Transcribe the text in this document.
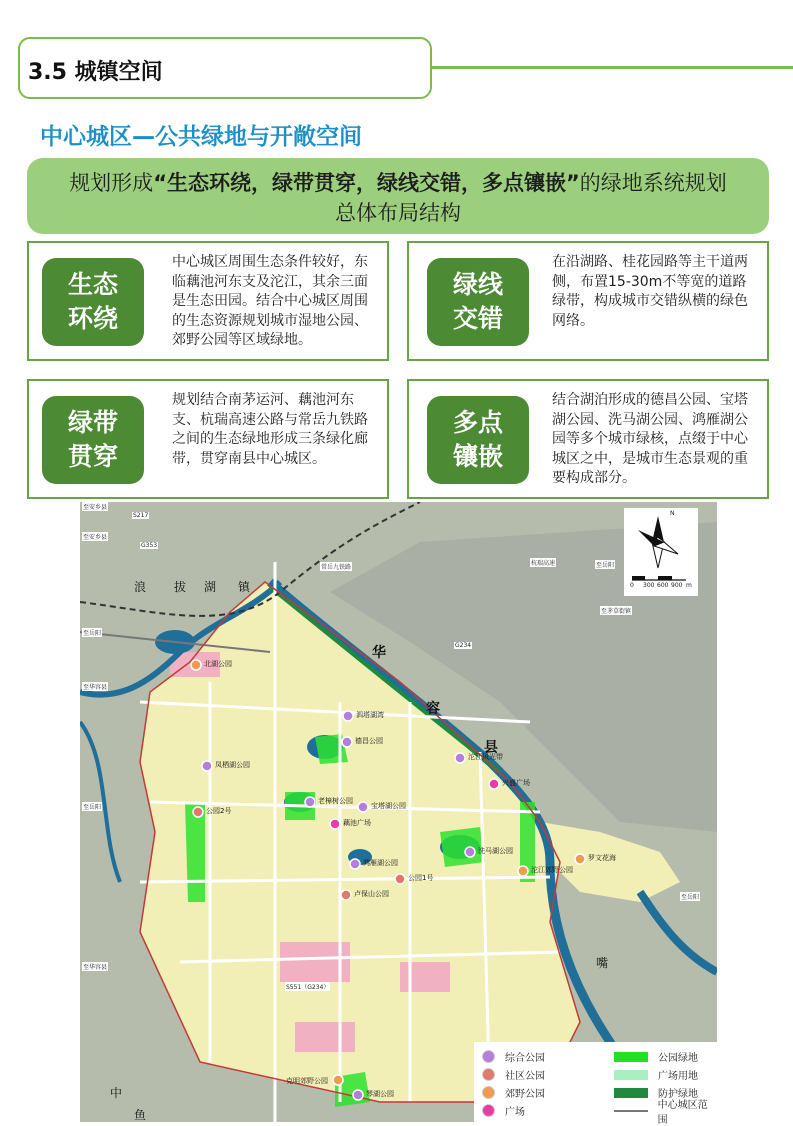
3.5 城镇空间
中心城区—公共绿地与开敞空间
规划形成“生态环绕，绿带贯穿，绿线交错，多点镶嵌”的绿地系统规划总体布局结构
生态
环绕
中心城区周围生态条件较好，东临藕池河东支及沱江，其余三面是生态田园。结合中心城区周围的生态资源规划城市湿地公园、郊野公园等区域绿地。
绿线
交错
在沿湖路、桂花园路等主干道两侧，布置15-30m不等宽的道路绿带，构成城市交错纵横的绿色网络。
绿带
贯穿
规划结合南茅运河、藕池河东支、杭瑞高速公路与常岳九铁路之间的生态绿地形成三条绿化廊带，贯穿南县中心城区。
多点
镶嵌
结合湖泊形成的德昌公园、宝塔湖公园、洗马湖公园、鸿雁湖公园等多个城市绿核，点缀于中心城区之中，是城市生态景观的重要构成部分。
北湖公园
泗塔湖湾
德昌公园
凤栖湖公园
公园2号
老樟树公园
宝塔湖公园
藕池广场
鸿雁湖公园
洗马湖公园
沱江风光带
兴盛广场
沱江郊野公园
罗文花海
公园1号
卢保山公园
克明郊野公园
琴湖公园
浪 拔 湖 镇
华
容
县
中
鱼
嘴
至安乡县
S217
至安乡县
G353
至岳阳
杭瑞高速
至岳阳
至华容县
G234
常岳九铁路
至茅草街镇
至岳阳
至华容县
至岳阳
S551（G234）
N
0 300 600 900 m
综合公园
社区公园
郊野公园
广场
公园绿地
广场用地
防护绿地
中心城区范围
